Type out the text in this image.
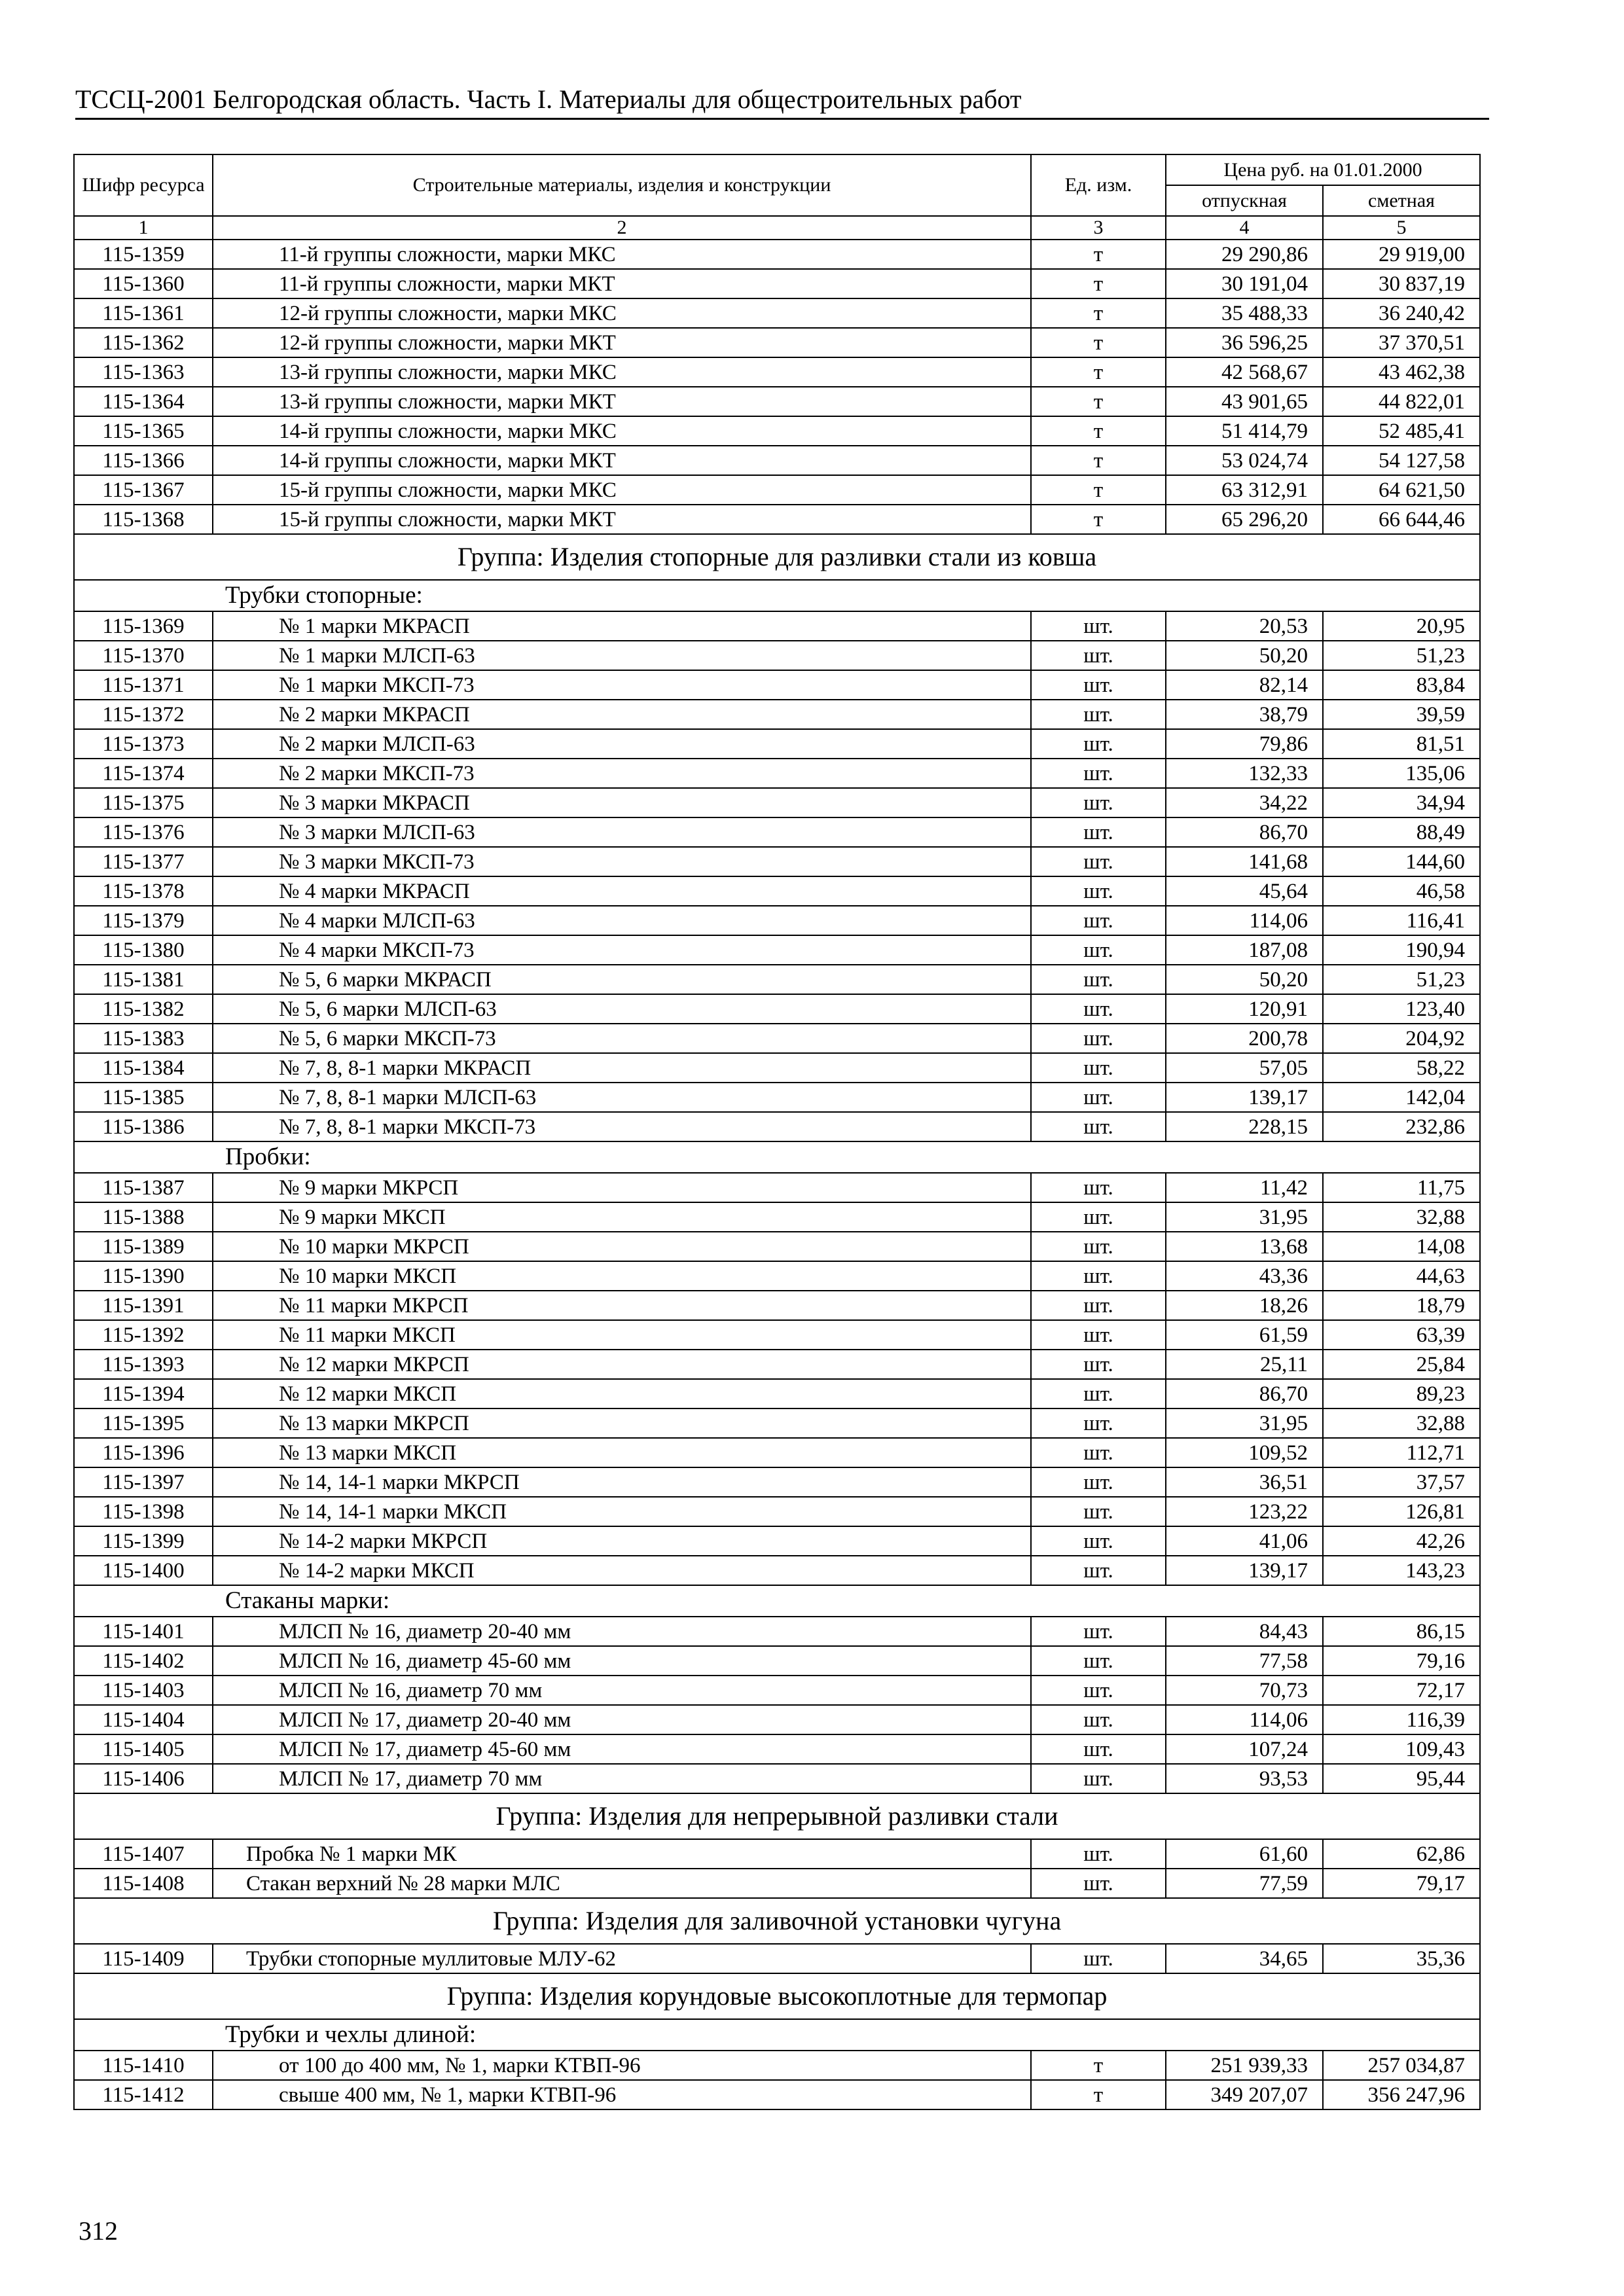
ТССЦ-2001 Белгородская область. Часть I. Материалы для общестроительных работ
Шифр ресурса	Строительные материалы, изделия и конструкции	Ед. изм.	Цена руб. на 01.01.2000	
			отпускная	сметная
1	2	3	4	5
115-1359	11-й группы сложности, марки МКС	т	29 290,86	29 919,00
115-1360	11-й группы сложности, марки МКТ	т	30 191,04	30 837,19
115-1361	12-й группы сложности, марки МКС	т	35 488,33	36 240,42
115-1362	12-й группы сложности, марки МКТ	т	36 596,25	37 370,51
115-1363	13-й группы сложности, марки МКС	т	42 568,67	43 462,38
115-1364	13-й группы сложности, марки МКТ	т	43 901,65	44 822,01
115-1365	14-й группы сложности, марки МКС	т	51 414,79	52 485,41
115-1366	14-й группы сложности, марки МКТ	т	53 024,74	54 127,58
115-1367	15-й группы сложности, марки МКС	т	63 312,91	64 621,50
115-1368	15-й группы сложности, марки МКТ	т	65 296,20	66 644,46
Группа: Изделия стопорные для разливки стали из ковша				
Трубки стопорные:				
115-1369	№ 1 марки МКРАСП	шт.	20,53	20,95
115-1370	№ 1 марки МЛСП-63	шт.	50,20	51,23
115-1371	№ 1 марки МКСП-73	шт.	82,14	83,84
115-1372	№ 2 марки МКРАСП	шт.	38,79	39,59
115-1373	№ 2 марки МЛСП-63	шт.	79,86	81,51
115-1374	№ 2 марки МКСП-73	шт.	132,33	135,06
115-1375	№ 3 марки МКРАСП	шт.	34,22	34,94
115-1376	№ 3 марки МЛСП-63	шт.	86,70	88,49
115-1377	№ 3 марки МКСП-73	шт.	141,68	144,60
115-1378	№ 4 марки МКРАСП	шт.	45,64	46,58
115-1379	№ 4 марки МЛСП-63	шт.	114,06	116,41
115-1380	№ 4 марки МКСП-73	шт.	187,08	190,94
115-1381	№ 5, 6 марки МКРАСП	шт.	50,20	51,23
115-1382	№ 5, 6 марки МЛСП-63	шт.	120,91	123,40
115-1383	№ 5, 6 марки МКСП-73	шт.	200,78	204,92
115-1384	№ 7, 8, 8-1 марки МКРАСП	шт.	57,05	58,22
115-1385	№ 7, 8, 8-1 марки МЛСП-63	шт.	139,17	142,04
115-1386	№ 7, 8, 8-1 марки МКСП-73	шт.	228,15	232,86
Пробки:				
115-1387	№ 9 марки МКРСП	шт.	11,42	11,75
115-1388	№ 9 марки МКСП	шт.	31,95	32,88
115-1389	№ 10 марки МКРСП	шт.	13,68	14,08
115-1390	№ 10 марки МКСП	шт.	43,36	44,63
115-1391	№ 11 марки МКРСП	шт.	18,26	18,79
115-1392	№ 11 марки МКСП	шт.	61,59	63,39
115-1393	№ 12 марки МКРСП	шт.	25,11	25,84
115-1394	№ 12 марки МКСП	шт.	86,70	89,23
115-1395	№ 13 марки МКРСП	шт.	31,95	32,88
115-1396	№ 13 марки МКСП	шт.	109,52	112,71
115-1397	№ 14, 14-1 марки МКРСП	шт.	36,51	37,57
115-1398	№ 14, 14-1 марки МКСП	шт.	123,22	126,81
115-1399	№ 14-2 марки МКРСП	шт.	41,06	42,26
115-1400	№ 14-2 марки МКСП	шт.	139,17	143,23
Стаканы марки:				
115-1401	МЛСП № 16, диаметр 20-40 мм	шт.	84,43	86,15
115-1402	МЛСП № 16, диаметр 45-60 мм	шт.	77,58	79,16
115-1403	МЛСП № 16, диаметр 70 мм	шт.	70,73	72,17
115-1404	МЛСП № 17, диаметр 20-40 мм	шт.	114,06	116,39
115-1405	МЛСП № 17, диаметр 45-60 мм	шт.	107,24	109,43
115-1406	МЛСП № 17, диаметр 70 мм	шт.	93,53	95,44
Группа: Изделия для непрерывной разливки стали				
115-1407	Пробка № 1 марки МК	шт.	61,60	62,86
115-1408	Стакан верхний № 28 марки МЛС	шт.	77,59	79,17
Группа: Изделия для заливочной установки чугуна				
115-1409	Трубки стопорные муллитовые МЛУ-62	шт.	34,65	35,36
Группа: Изделия корундовые высокоплотные для термопар				
Трубки и чехлы длиной:				
115-1410	от 100 до 400 мм, № 1, марки КТВП-96	т	251 939,33	257 034,87
115-1412	свыше 400 мм, № 1, марки КТВП-96	т	349 207,07	356 247,96
312
